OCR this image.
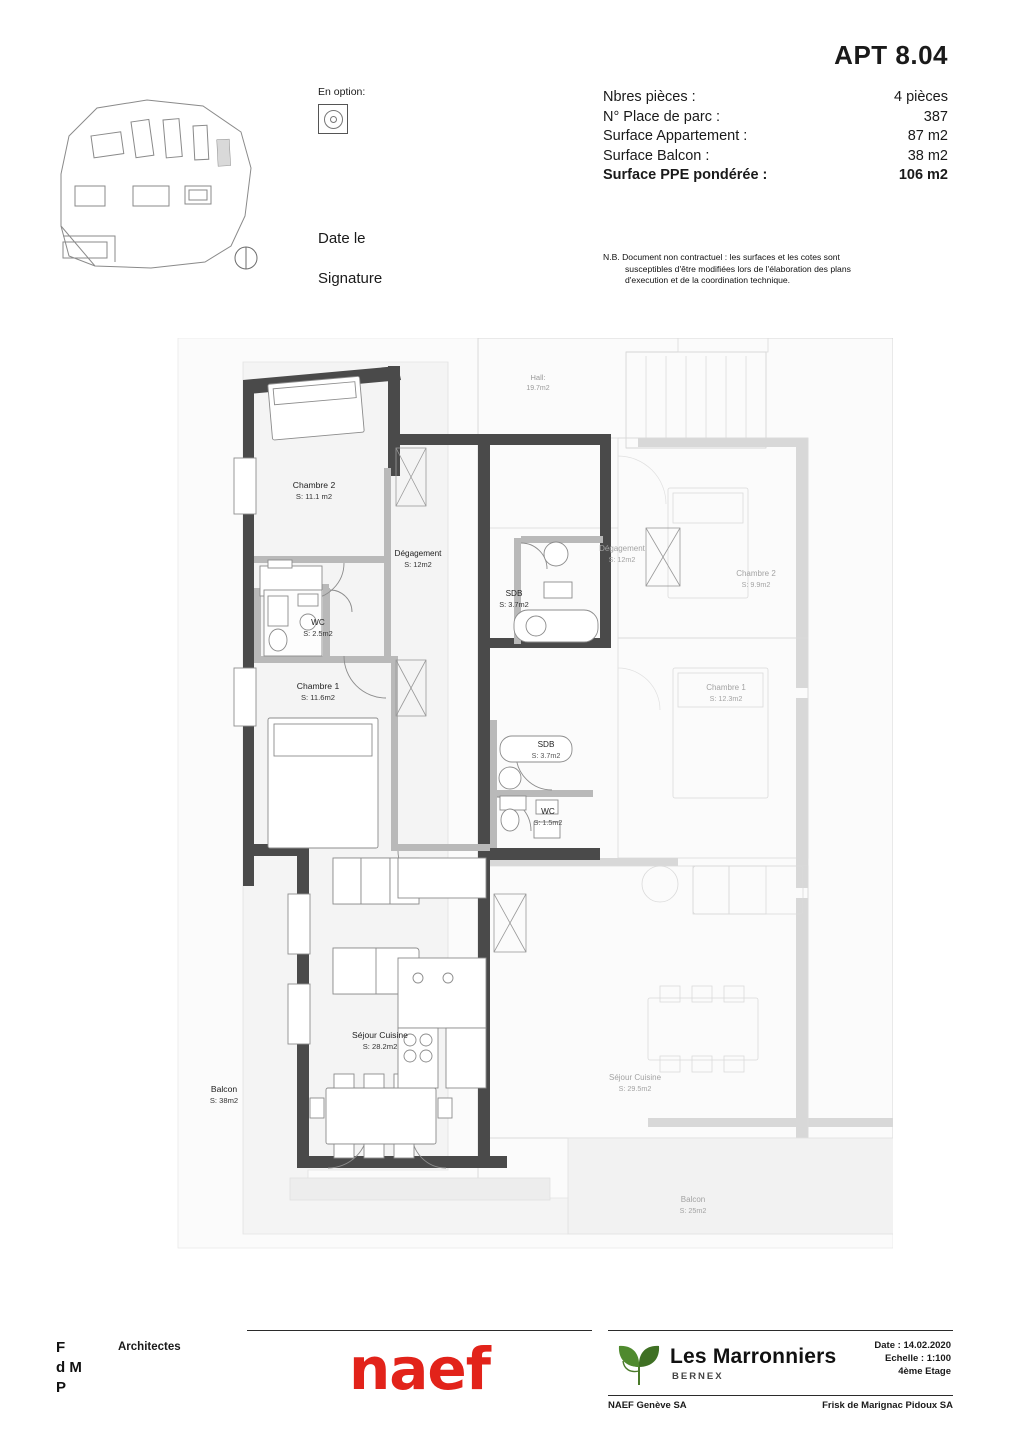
APT 8.04
Nbres pièces :	4 pièces
N° Place de parc :	387
Surface Appartement :	87 m2
Surface Balcon :	38 m2
Surface PPE pondérée :	106 m2
N.B. Document non contractuel : les surfaces et les cotes sont
susceptibles d'être modifiées lors de l'élaboration des plans
d'execution et de la coordination technique.
En option:
Date le
Signature
Hall:
19.7m2
Chambre 2
S: 11.1 m2
Dégagement
S: 12m2
Dégagement
S: 12m2
Chambre 2
S: 9.9m2
SDB
S: 3.7m2
WC
S: 2.5m2
Chambre 1
S: 11.6m2
Chambre 1
S: 12.3m2
SDB
S: 3.7m2
WC
S: 1.5m2
Séjour Cuisine
S: 28.2m2
Séjour Cuisine
S: 29.5m2
Balcon
S: 38m2
Balcon
S: 25m2
F
d M
P
Architectes	naef	Les Marronniers
BERNEX
Date : 14.02.2020
Echelle : 1:100
4ème Etage
NAEF Genève SA	Frisk de Marignac Pidoux SA
